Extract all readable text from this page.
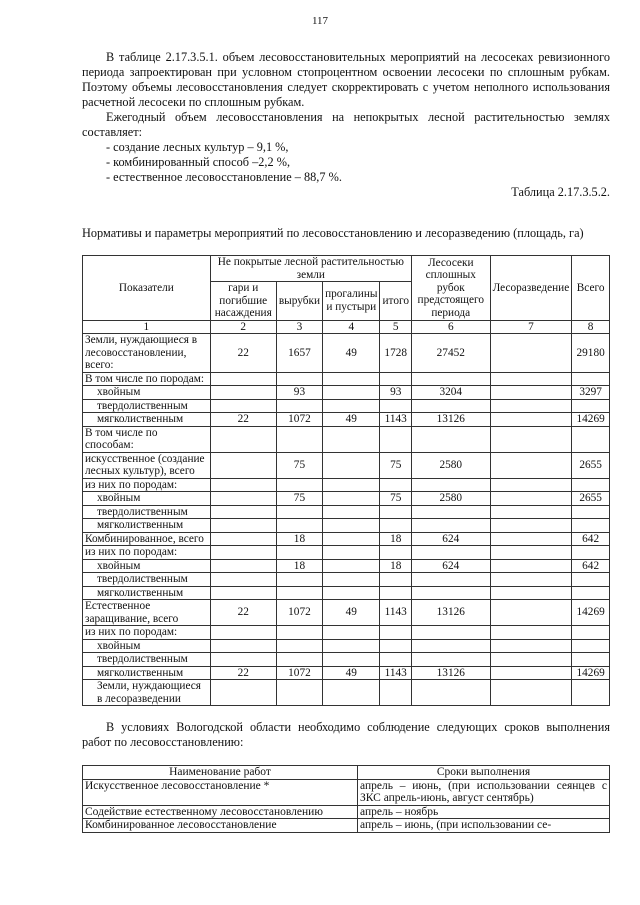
117

В таблице 2.17.3.5.1. объем лесовосстановительных мероприятий на лесосеках ревизионного периода запроектирован при условном стопроцентном освоении лесосеки по сплошным рубкам. Поэтому объемы лесовосстановления следует скорректировать с учетом неполного использования расчетной лесосеки по сплошным рубкам.

Ежегодный объем лесовосстановления на непокрытых лесной растительностью землях составляет:

- создание лесных культур – 9,1 %,

- комбинированный способ –2,2 %,

- естественное лесовосстановление – 88,7 %.

Таблица 2.17.3.5.2.

Нормативы и параметры мероприятий по лесовосстановлению и лесоразведению (площадь, га)
Показатели	Не покрытые лесной растительностью земли				Лесосеки сплошных рубок предстоящего периода	Лесоразведение	Всего
	гари и погибшие насаждения	вырубки	прогалины и пустыри	итого			
1	2	3	4	5	6	7	8
Земли, нуждающиеся в лесовосстановлении, всего:	22	1657	49	1728	27452		29180
В том числе по породам:							
хвойным		93		93	3204		3297
твердолиственным							
мягколиственным	22	1072	49	1143	13126		14269
В том числе по способам:							
искусственное (создание лесных культур), всего		75		75	2580		2655
из них по породам:							
хвойным		75		75	2580		2655
твердолиственным							
мягколиственным							
Комбинированное, всего		18		18	624		642
из них по породам:							
хвойным		18		18	624		642
твердолиственным							
мягколиственным							
Естественное заращивание, всего	22	1072	49	1143	13126		14269
из них по породам:							
хвойным							
твердолиственным							
мягколиственным	22	1072	49	1143	13126		14269
Земли, нуждающиеся в лесоразведении							
В условиях Вологодской области необходимо соблюдение следующих сроков выполнения работ по лесовосстановлению:
Наименование работ	Сроки выполнения
Искусственное лесовосстановление *	апрель – июнь, (при использовании сеянцев с ЗКС апрель-июнь, август сентябрь)
Содействие естественному лесовосстановлению	апрель – ноябрь
Комбинированное лесовосстановление	апрель – июнь, (при использовании се-
